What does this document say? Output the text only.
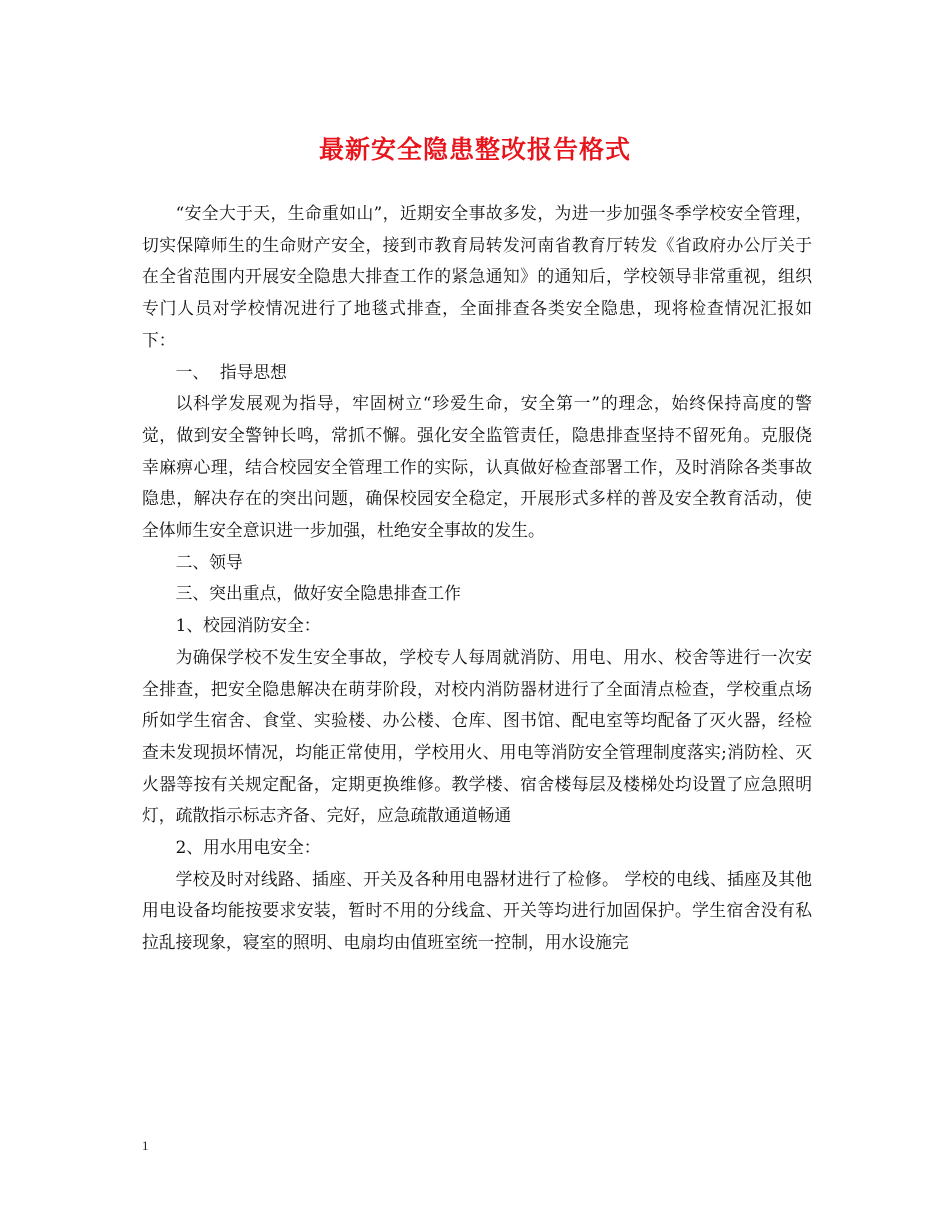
最新安全隐患整改报告格式

“安全大于天，生命重如山”，近期安全事故多发，为进一步加强冬季学校安全管理，切实保障师生的生命财产安全，接到市教育局转发河南省教育厅转发《省政府办公厅关于在全省范围内开展安全隐患大排查工作的紧急通知》的通知后，学校领导非常重视，组织专门人员对学校情况进行了地毯式排查，全面排查各类安全隐患，现将检查情况汇报如下：

一、  指导思想

以科学发展观为指导，牢固树立“珍爱生命，安全第一”的理念，始终保持高度的警觉，做到安全警钟长鸣，常抓不懈。强化安全监管责任，隐患排查坚持不留死角。克服侥幸麻痹心理，结合校园安全管理工作的实际，认真做好检查部署工作，及时消除各类事故隐患，解决存在的突出问题，确保校园安全稳定，开展形式多样的普及安全教育活动，使全体师生安全意识进一步加强，杜绝安全事故的发生。

二、领导

三、突出重点，做好安全隐患排查工作

1、校园消防安全：

为确保学校不发生安全事故，学校专人每周就消防、用电、用水、校舍等进行一次安全排查，把安全隐患解决在萌芽阶段，对校内消防器材进行了全面清点检查，学校重点场所如学生宿舍、食堂、实验楼、办公楼、仓库、图书馆、配电室等均配备了灭火器，经检查未发现损坏情况，均能正常使用，学校用火、用电等消防安全管理制度落实;消防栓、灭火器等按有关规定配备，定期更换维修。教学楼、宿舍楼每层及楼梯处均设置了应急照明灯，疏散指示标志齐备、完好，应急疏散通道畅通

2、用水用电安全：

学校及时对线路、插座、开关及各种用电器材进行了检修。 学校的电线、插座及其他用电设备均能按要求安装，暂时不用的分线盒、开关等均进行加固保护。学生宿舍没有私拉乱接现象，寝室的照明、电扇均由值班室统一控制，用水设施完

1
